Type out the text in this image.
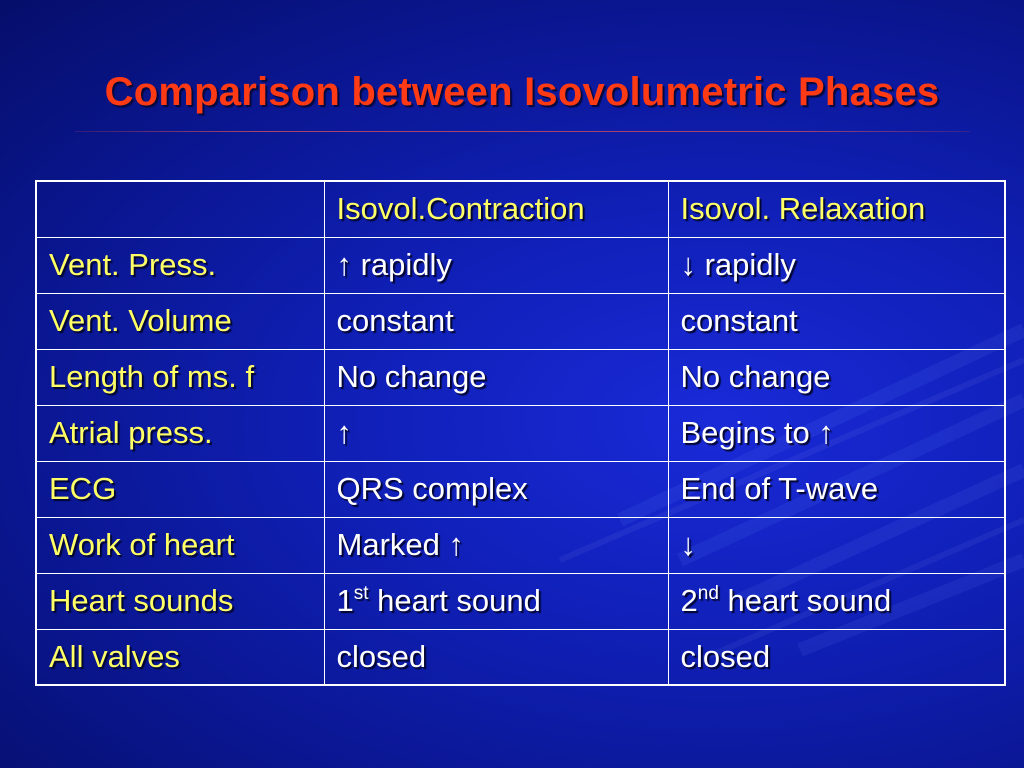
Comparison between Isovolumetric Phases
	Isovol.Contraction	Isovol. Relaxation
Vent. Press.	↑ rapidly	↓ rapidly
Vent. Volume	constant	constant
Length of ms. f	No change	No change
Atrial press.	↑	Begins to ↑
ECG	QRS complex	End of T-wave
Work of heart	Marked ↑	↓
Heart sounds	1st heart sound	2nd heart sound
All valves	closed	closed
